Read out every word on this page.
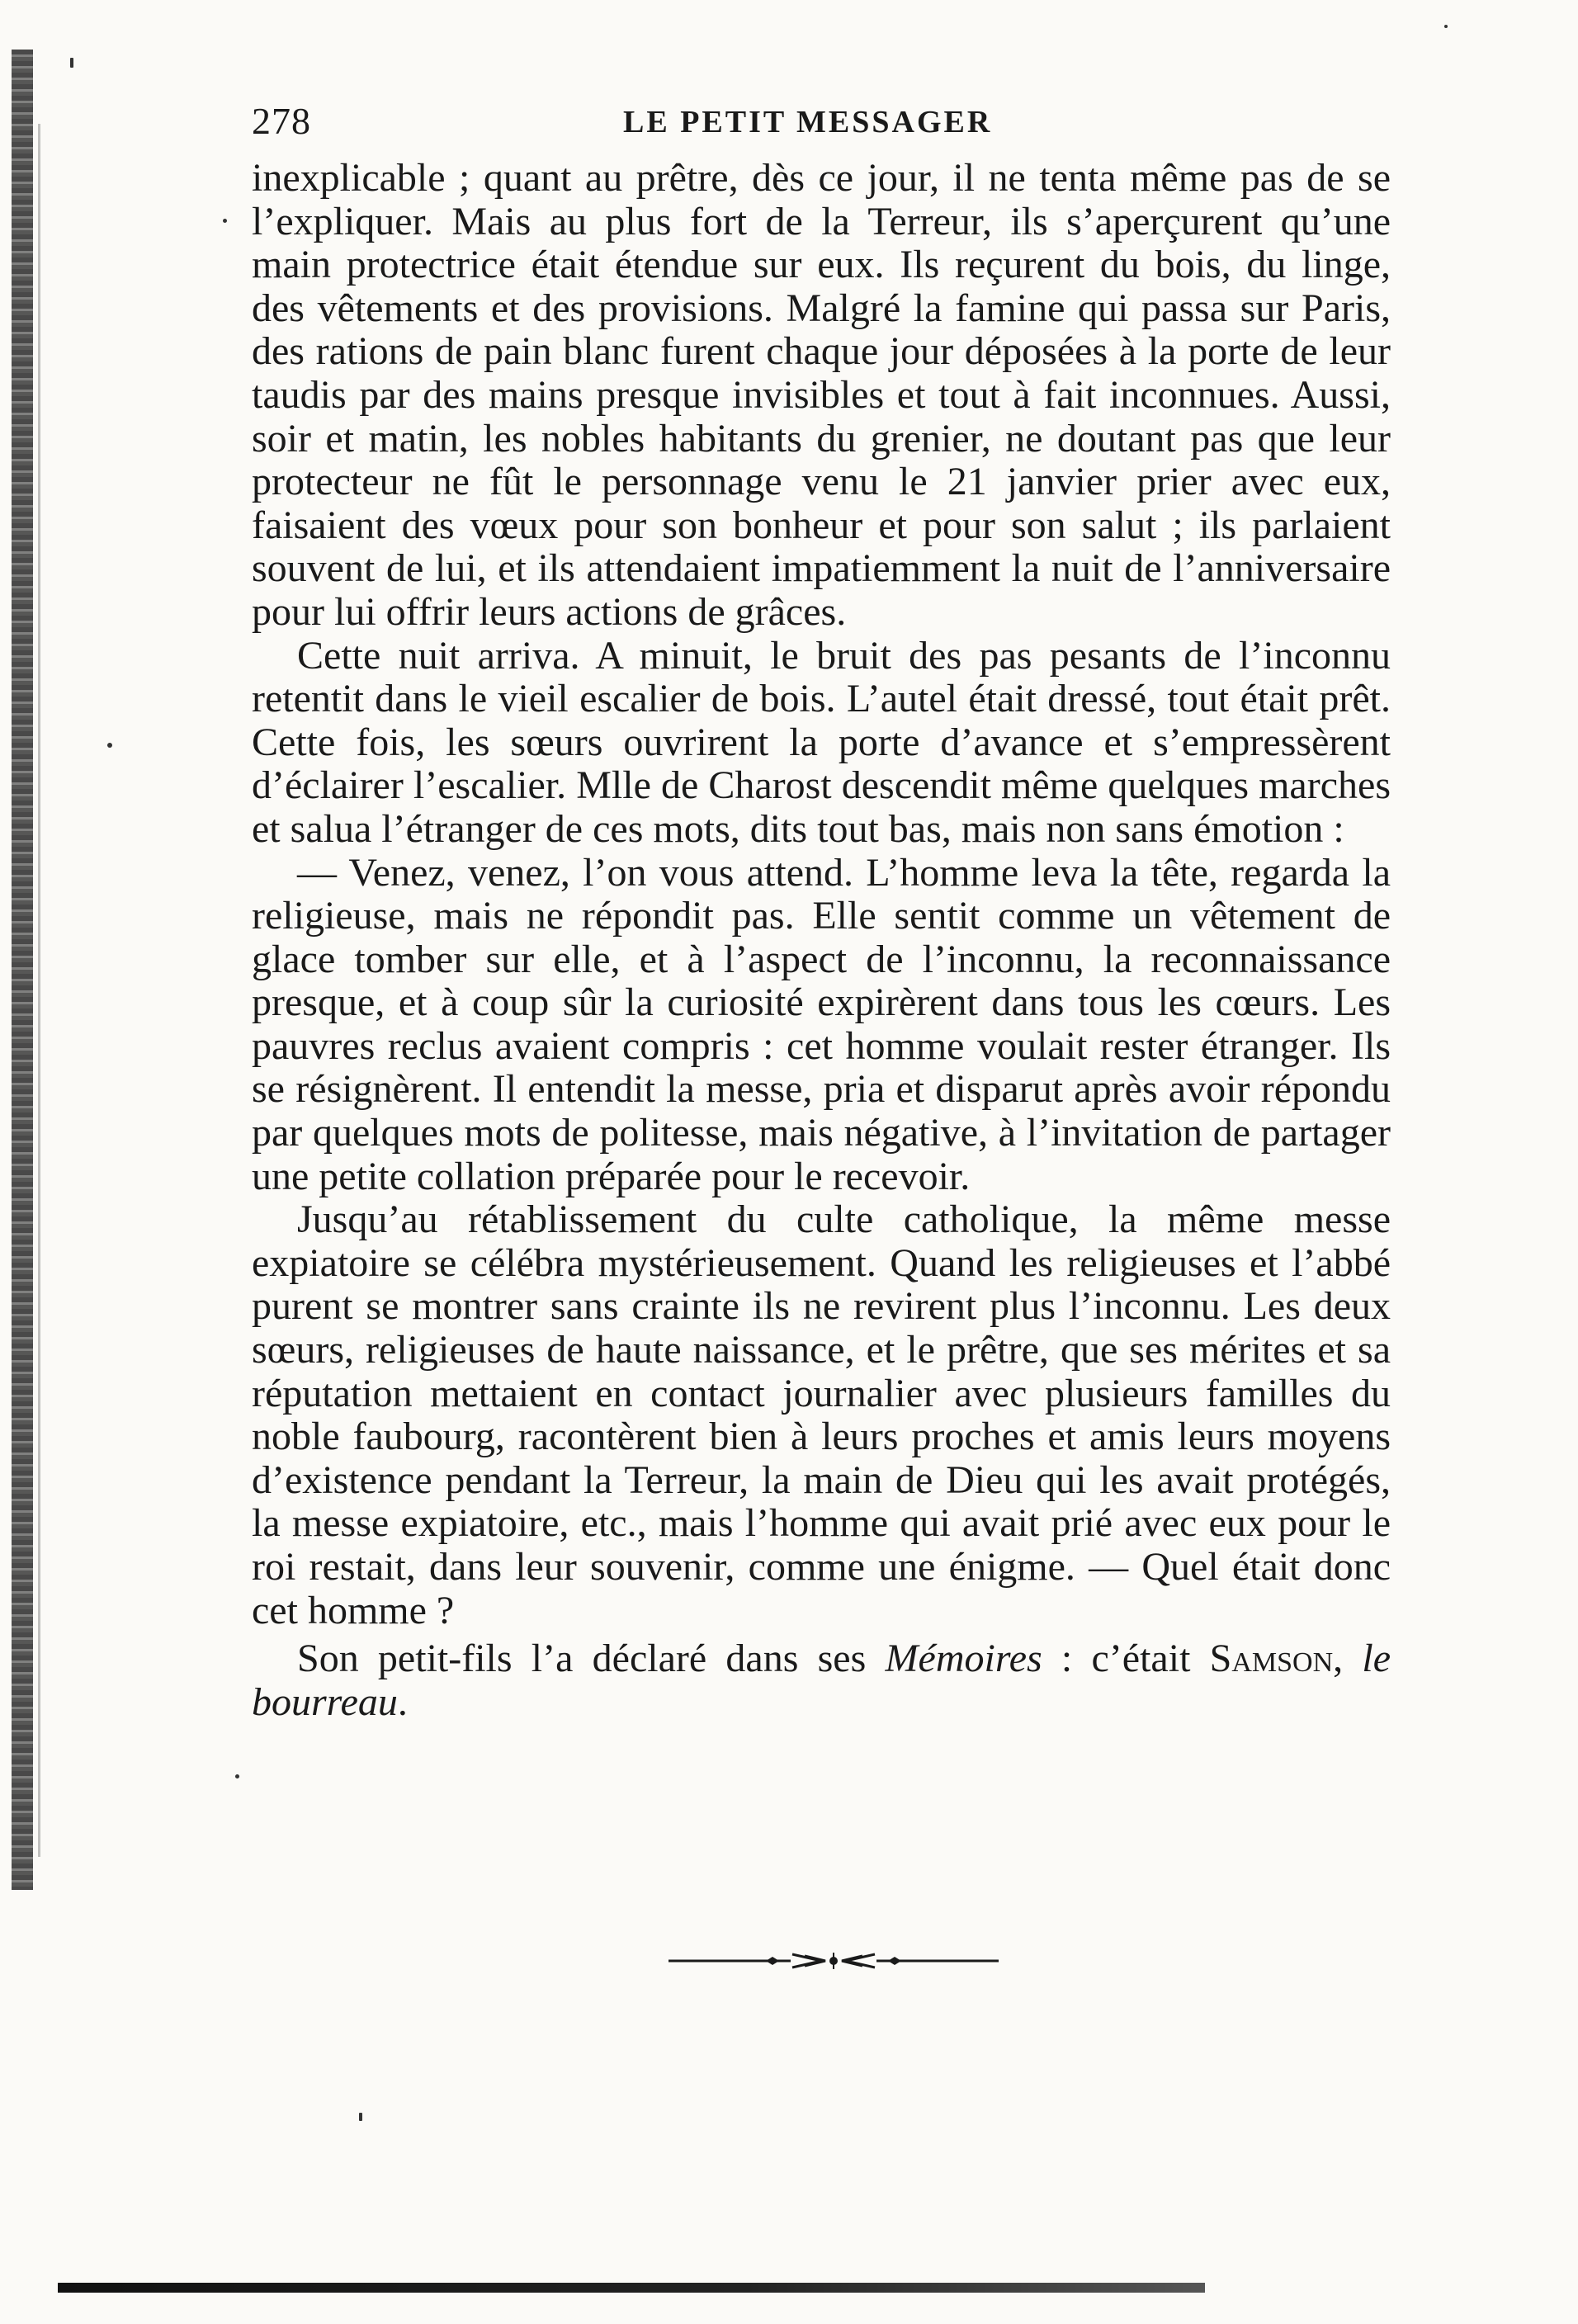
278	LE PETIT MESSAGER

inexplicable ; quant au prêtre, dès ce jour, il ne tenta même pas de se l’expliquer. Mais au plus fort de la Terreur, ils s’aperçurent qu’une main protectrice était étendue sur eux. Ils reçurent du bois, du linge, des vêtements et des provisions. Malgré la famine qui passa sur Paris, des rations de pain blanc furent chaque jour déposées à la porte de leur taudis par des mains presque invisibles et tout à fait inconnues. Aussi, soir et matin, les nobles habitants du grenier, ne doutant pas que leur protecteur ne fût le personnage venu le 21 janvier prier avec eux, faisaient des vœux pour son bonheur et pour son salut ; ils parlaient souvent de lui, et ils attendaient impatiemment la nuit de l’anniversaire pour lui offrir leurs actions de grâces.

Cette nuit arriva. A minuit, le bruit des pas pesants de l’inconnu retentit dans le vieil escalier de bois. L’autel était dressé, tout était prêt. Cette fois, les sœurs ouvrirent la porte d’avance et s’empressèrent d’éclairer l’escalier. Mlle de Charost descendit même quelques marches et salua l’étranger de ces mots, dits tout bas, mais non sans émotion :

— Venez, venez, l’on vous attend. L’homme leva la tête, regarda la religieuse, mais ne répondit pas. Elle sentit comme un vêtement de glace tomber sur elle, et à l’aspect de l’inconnu, la reconnaissance presque, et à coup sûr la curiosité expirèrent dans tous les cœurs. Les pauvres reclus avaient compris : cet homme voulait rester étranger. Ils se résignèrent. Il entendit la messe, pria et disparut après avoir répondu par quelques mots de politesse, mais négative, à l’invitation de partager une petite collation préparée pour le recevoir.

Jusqu’au rétablissement du culte catholique, la même messe expiatoire se célébra mystérieusement. Quand les religieuses et l’abbé purent se montrer sans crainte ils ne revirent plus l’inconnu. Les deux sœurs, religieuses de haute naissance, et le prêtre, que ses mérites et sa réputation mettaient en contact journalier avec plusieurs familles du noble faubourg, racontèrent bien à leurs proches et amis leurs moyens d’existence pendant la Terreur, la main de Dieu qui les avait protégés, la messe expiatoire, etc., mais l’homme qui avait prié avec eux pour le roi restait, dans leur souvenir, comme une énigme. — Quel était donc cet homme ?

Son petit-fils l’a déclaré dans ses Mémoires : c’était Samson, le bourreau.
